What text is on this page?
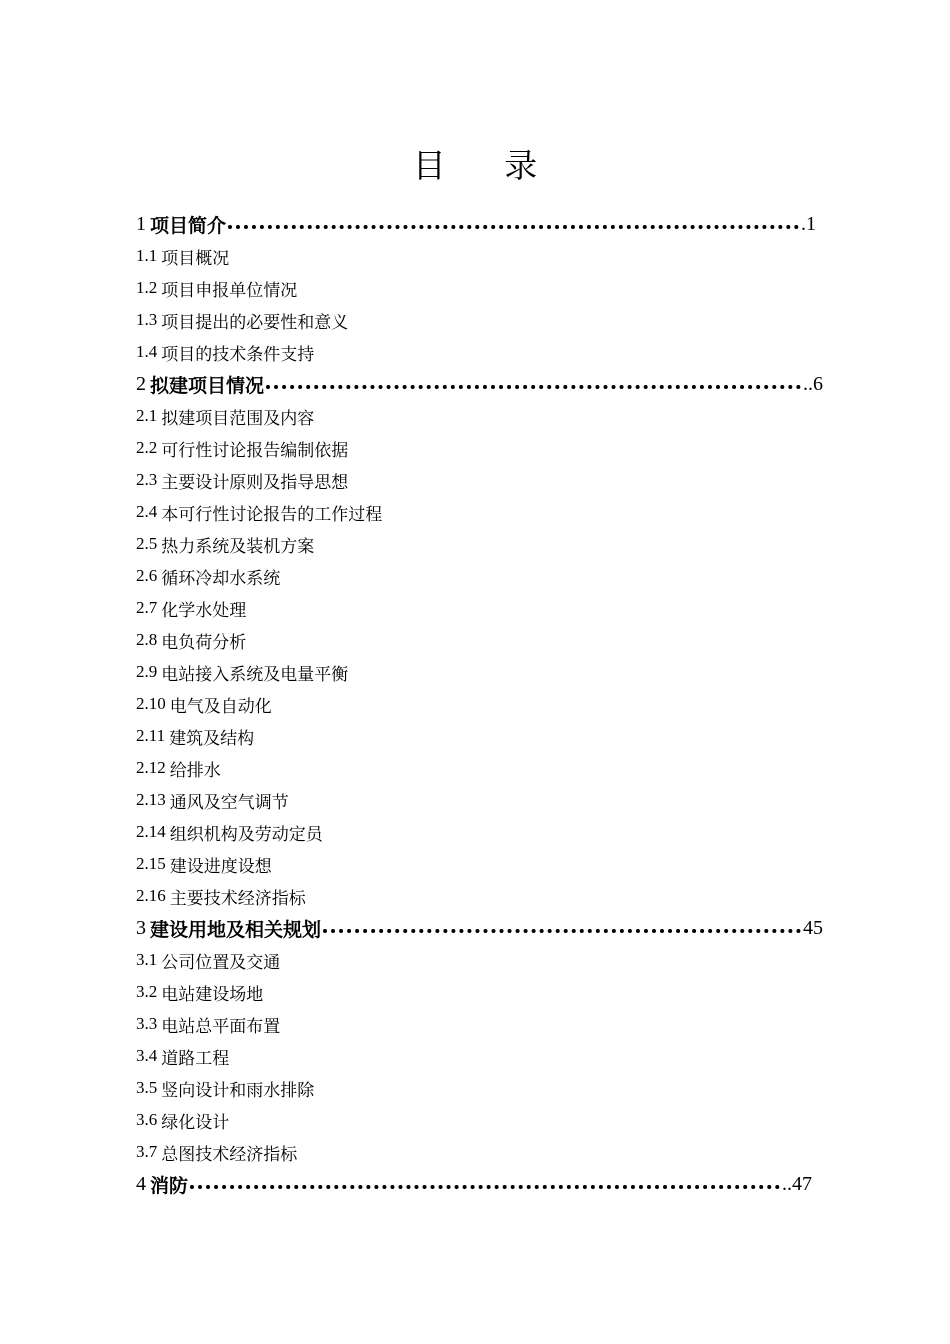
目 录
1 项目简介	.1
1.1 项目概况
1.2 项目申报单位情况
1.3 项目提出的必要性和意义
1.4 项目的技术条件支持
2 拟建项目情况	..6
2.1 拟建项目范围及内容
2.2 可行性讨论报告编制依据
2.3 主要设计原则及指导思想
2.4 本可行性讨论报告的工作过程
2.5 热力系统及装机方案
2.6 循环冷却水系统
2.7 化学水处理
2.8 电负荷分析
2.9 电站接入系统及电量平衡
2.10 电气及自动化
2.11 建筑及结构
2.12 给排水
2.13 通风及空气调节
2.14 组织机构及劳动定员
2.15 建设进度设想
2.16 主要技术经济指标
3 建设用地及相关规划	45
3.1 公司位置及交通
3.2 电站建设场地
3.3 电站总平面布置
3.4 道路工程
3.5 竖向设计和雨水排除
3.6 绿化设计
3.7 总图技术经济指标
4 消防	..47
